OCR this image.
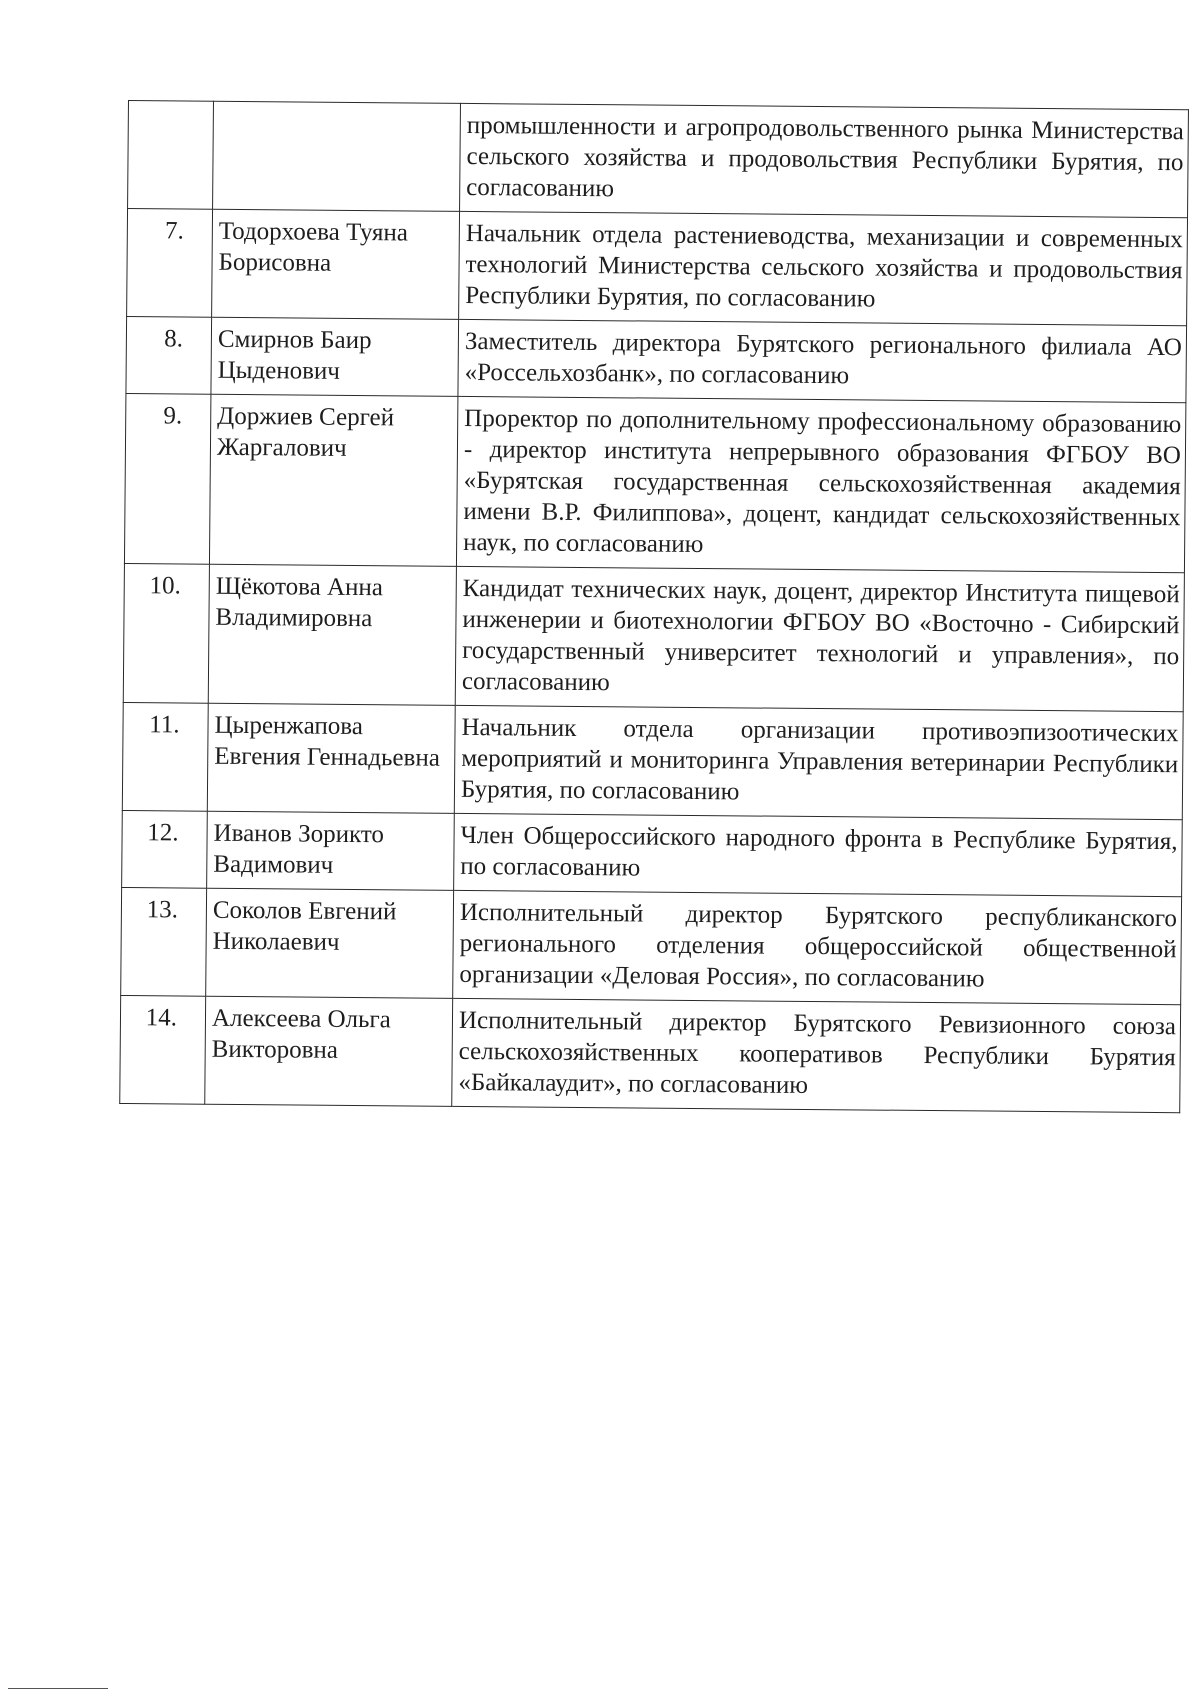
		промышленности и агропродовольственного рынка Министерства сельского хозяйства и продовольствия Республики Бурятия, по согласованию
7.	Тодорхоева Туяна Борисовна	Начальник отдела растениеводства, механизации и современных технологий Министерства сельского хозяйства и продовольствия Республики Бурятия, по согласованию
8.	Смирнов Баир Цыденович	Заместитель директора Бурятского регионального филиала АО «Россельхозбанк», по согласованию
9.	Доржиев Сергей Жаргалович	Проректор по дополнительному профессиональному образованию - директор института непрерывного образования ФГБОУ ВО «Бурятская государственная сельскохозяйственная академия имени В.Р. Филиппова», доцент, кандидат сельскохозяйственных наук, по согласованию
10.	Щёкотова Анна Владимировна	Кандидат технических наук, доцент, директор Института пищевой инженерии и биотехнологии ФГБОУ ВО «Восточно - Сибирский государственный университет технологий и управления», по согласованию
11.	Цыренжапова Евгения Геннадьевна	Начальник отдела организации противоэпизоотических мероприятий и мониторинга Управления ветеринарии Республики Бурятия, по согласованию
12.	Иванов Зорикто Вадимович	Член Общероссийского народного фронта в Республике Бурятия, по согласованию
13.	Соколов Евгений Николаевич	Исполнительный директор Бурятского республиканского регионального отделения общероссийской общественной организации «Деловая Россия», по согласованию
14.	Алексеева Ольга Викторовна	Исполнительный директор Бурятского Ревизионного союза сельскохозяйственных кооперативов Республики Бурятия «Байкалаудит», по согласованию
